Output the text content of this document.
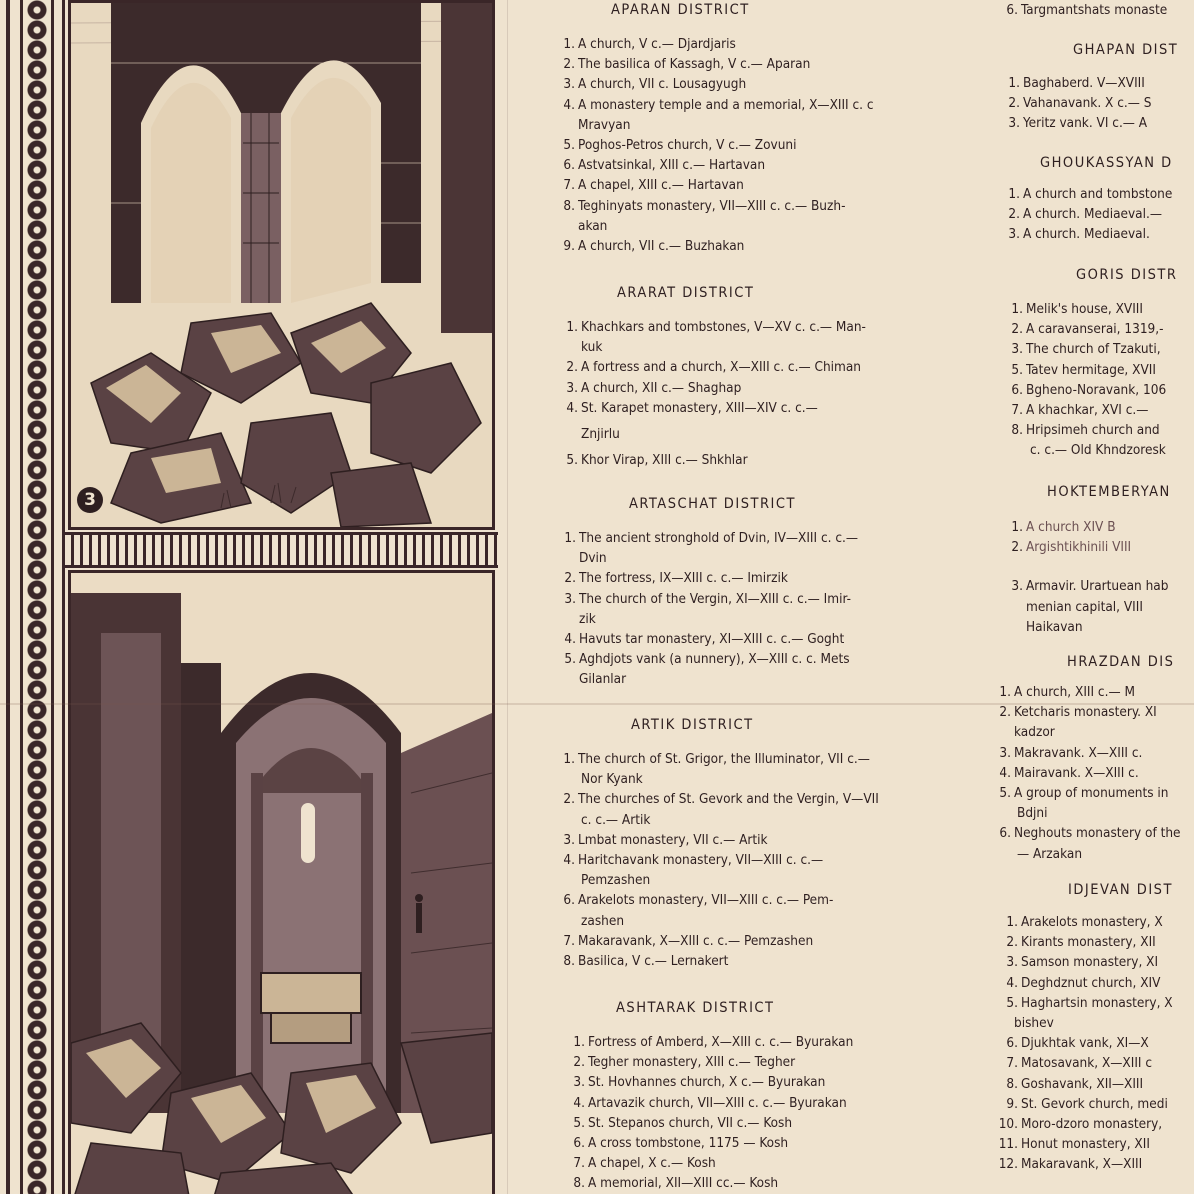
3
APARAN DISTRICT
1. A church, V c.— Djardjaris
2. The basilica of Kassagh, V c.— Aparan
3. A church, VII c. Lousagyugh
4. A monastery temple and a memorial, X—XIII c. c
Mravyan
5. Poghos-Petros church, V c.— Zovuni
6. Astvatsinkal, XIII c.— Hartavan
7. A chapel, XIII c.— Hartavan
8. Teghinyats monastery, VII—XIII c. c.— Buzh-
akan
9. A church, VII c.— Buzhakan
ARARAT DISTRICT
1. Khachkars and tombstones, V—XV c. c.— Man-
kuk
2. A fortress and a church, X—XIII c. c.— Chiman
3. A church, XII c.— Shaghap
4. St. Karapet monastery, XIII—XIV c. c.—
Znjirlu
5. Khor Virap, XIII c.— Shkhlar
ARTASCHAT DISTRICT
1. The ancient stronghold of Dvin, IV—XIII c. c.—
Dvin
2. The fortress, IX—XIII c. c.— Imirzik
3. The church of the Vergin, XI—XIII c. c.— Imir-
zik
4. Havuts tar monastery, XI—XIII c. c.— Goght
5. Aghdjots vank (a nunnery), X—XIII c. c. Mets
Gilanlar
ARTIK DISTRICT
1. The church of St. Grigor, the Illuminator, VII c.—
Nor Kyank
2. The churches of St. Gevork and the Vergin, V—VII
c. c.— Artik
3. Lmbat monastery, VII c.— Artik
4. Haritchavank monastery, VII—XIII c. c.—
Pemzashen
6. Arakelots monastery, VII—XIII c. c.— Pem-
zashen
7. Makaravank, X—XIII c. c.— Pemzashen
8. Basilica, V c.— Lernakert
ASHTARAK DISTRICT
1. Fortress of Amberd, X—XIII c. c.— Byurakan
2. Tegher monastery, XIII c.— Tegher
3. St. Hovhannes church, X c.— Byurakan
4. Artavazik church, VII—XIII c. c.— Byurakan
5. St. Stepanos church, VII c.— Kosh
6. A cross tombstone, 1175 — Kosh
7. A chapel, X c.— Kosh
8. A memorial, XII—XIII cc.— Kosh
6. Targmantshats monaste
GHAPAN DIST
1. Baghaberd. V—XVIII
2. Vahanavank. X c.— S
3. Yeritz vank. VI c.— A
GHOUKASSYAN D
1. A church and tombstone
2. A church. Mediaeval.—
3. A church. Mediaeval.
GORIS DISTR
1. Melik's house, XVIII
2. A caravanserai, 1319,-
3. The church of Tzakuti,
5. Tatev hermitage, XVII
6. Bgheno-Noravank, 106
7. A khachkar, XVI c.—
8. Hripsimeh church and
c. c.— Old Khndzoresk
HOKTEMBERYAN
1. A church XIV B
2. Argishtikhinili VIII
3. Armavir. Urartuean hab
menian capital, VIII
Haikavan
HRAZDAN DIS
1. A church, XIII c.— M
2. Ketcharis monastery. XI
kadzor
3. Makravank. X—XIII c.
4. Mairavank. X—XIII c.
5. A group of monuments in
Bdjni
6. Neghouts monastery of the
— Arzakan
IDJEVAN DIST
1. Arakelots monastery, X
2. Kirants monastery, XII
3. Samson monastery, XI
4. Deghdznut church, XIV
5. Haghartsin monastery, X
bishev
6. Djukhtak vank, XI—X
7. Matosavank, X—XIII c
8. Goshavank, XII—XIII
9. St. Gevork church, medi
10. Moro-dzoro monastery,
11. Honut monastery, XII
12. Makaravank, X—XIII
